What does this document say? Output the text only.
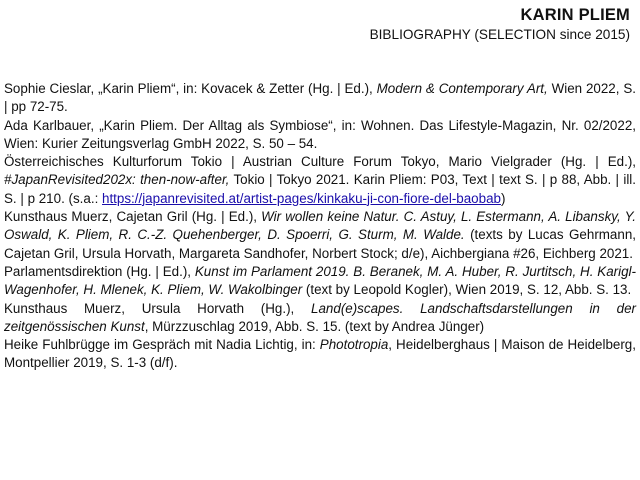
KARIN PLIEM
BIBLIOGRAPHY (SELECTION since 2015)

Sophie Cieslar, „Karin Pliem“, in: Kovacek & Zetter (Hg. | Ed.), Modern & Contemporary Art, Wien 2022, S. | pp 72-75.

Ada Karlbauer, „Karin Pliem. Der Alltag als Symbiose“, in: Wohnen. Das Lifestyle-Magazin, Nr. 02/2022, Wien: Kurier Zeitungsverlag GmbH 2022, S. 50 – 54.

Österreichisches Kulturforum Tokio | Austrian Culture Forum Tokyo, Mario Vielgrader (Hg. | Ed.), #JapanRevisited202x: then-now-after, Tokio | Tokyo 2021. Karin Pliem: P03, Text | text S. | p 88, Abb. | ill. S. | p 210. (s.a.: https://japanrevisited.at/artist-pages/kinkaku-ji-con-fiore-del-baobab)

Kunsthaus Muerz, Cajetan Gril (Hg. | Ed.), Wir wollen keine Natur. C. Astuy, L. Estermann, A. Libansky, Y. Oswald, K. Pliem, R. C.-Z. Quehenberger, D. Spoerri, G. Sturm, M. Walde. (texts by Lucas Gehrmann, Cajetan Gril, Ursula Horvath, Margareta Sandhofer, Norbert Stock; d/e), Aichbergiana #26, Eichberg 2021.

Parlamentsdirektion (Hg. | Ed.), Kunst im Parlament 2019. B. Beranek, M. A. Huber, R. Jurtitsch, H. Karigl-Wagenhofer, H. Mlenek, K. Pliem, W. Wakolbinger (text by Leopold Kogler), Wien 2019, S. 12, Abb. S. 13.

Kunsthaus Muerz, Ursula Horvath (Hg.), Land(e)scapes. Landschaftsdarstellungen in der zeitgenössischen Kunst, Mürzzuschlag 2019, Abb. S. 15. (text by Andrea Jünger)

Heike Fuhlbrügge im Gespräch mit Nadia Lichtig, in: Phototropia, Heidelberghaus | Maison de Heidelberg, Montpellier 2019, S. 1-3 (d/f).
